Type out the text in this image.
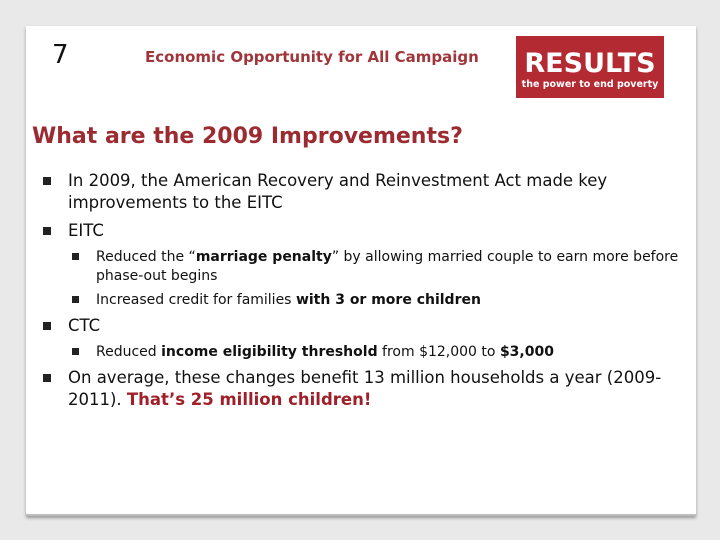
7	Economic Opportunity for All Campaign	RESULTS
the power to end poverty
What are the 2009 Improvements?
In 2009, the American Recovery and Reinvestment Act made key improvements to the EITC
EITC
Reduced the “marriage penalty” by allowing married couple to earn more before phase-out begins
Increased credit for families with 3 or more children
CTC
Reduced income eligibility threshold from $12,000 to $3,000
On average, these changes benefit 13 million households a year (2009-2011). That’s 25 million children!
